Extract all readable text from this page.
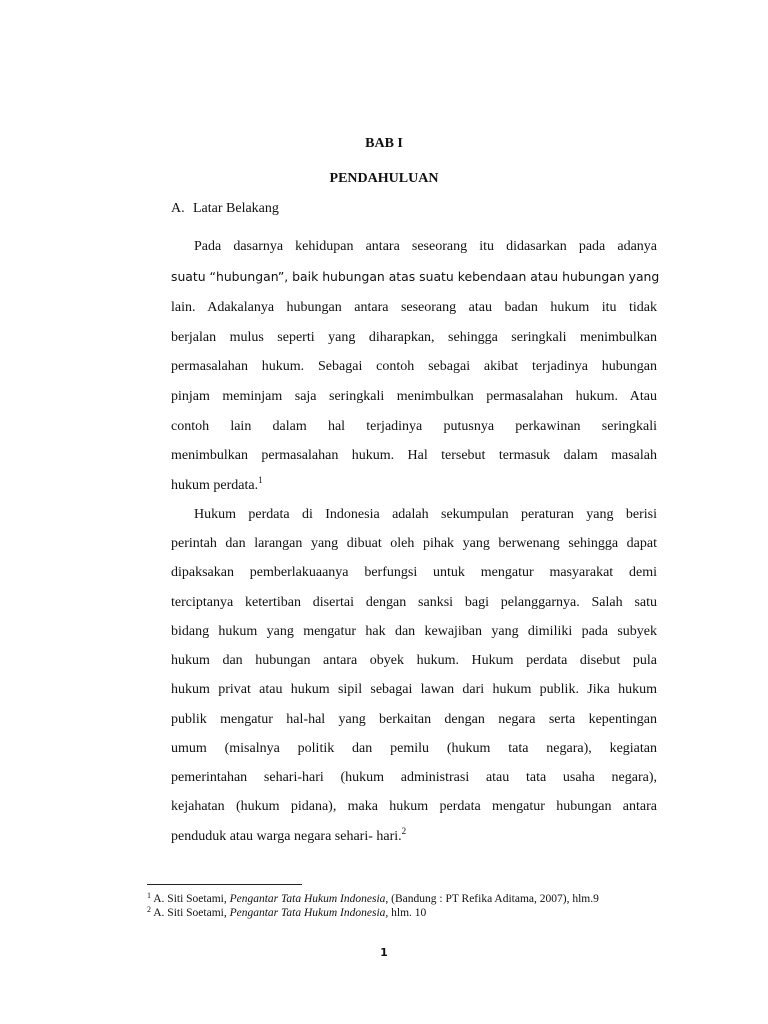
BAB I
PENDAHULUAN
A. Latar Belakang
Pada dasarnya kehidupan antara seseorang itu didasarkan pada adanya
suatu “hubungan”, baik hubungan atas suatu kebendaan atau hubungan yang
lain. Adakalanya hubungan antara seseorang atau badan hukum itu tidak
berjalan mulus seperti yang diharapkan, sehingga seringkali menimbulkan
permasalahan hukum. Sebagai contoh sebagai akibat terjadinya hubungan
pinjam meminjam saja seringkali menimbulkan permasalahan hukum. Atau
contoh lain dalam hal terjadinya putusnya perkawinan seringkali
menimbulkan permasalahan hukum. Hal tersebut termasuk dalam masalah
hukum perdata.$^1$
Hukum perdata di Indonesia adalah sekumpulan peraturan yang berisi
perintah dan larangan yang dibuat oleh pihak yang berwenang sehingga dapat
dipaksakan pemberlakuaanya berfungsi untuk mengatur masyarakat demi
terciptanya ketertiban disertai dengan sanksi bagi pelanggarnya. Salah satu
bidang hukum yang mengatur hak dan kewajiban yang dimiliki pada subyek
hukum dan hubungan antara obyek hukum. Hukum perdata disebut pula
hukum privat atau hukum sipil sebagai lawan dari hukum publik. Jika hukum
publik mengatur hal-hal yang berkaitan dengan negara serta kepentingan
umum (misalnya politik dan pemilu (hukum tata negara), kegiatan
pemerintahan sehari-hari (hukum administrasi atau tata usaha negara),
kejahatan (hukum pidana), maka hukum perdata mengatur hubungan antara
penduduk atau warga negara sehari- hari.$^2$
$^1$ A. Siti Soetami, Pengantar Tata Hukum Indonesia, (Bandung : PT Refika Aditama, 2007), hlm.9
$^2$ A. Siti Soetami, Pengantar Tata Hukum Indonesia, hlm. 10
1
